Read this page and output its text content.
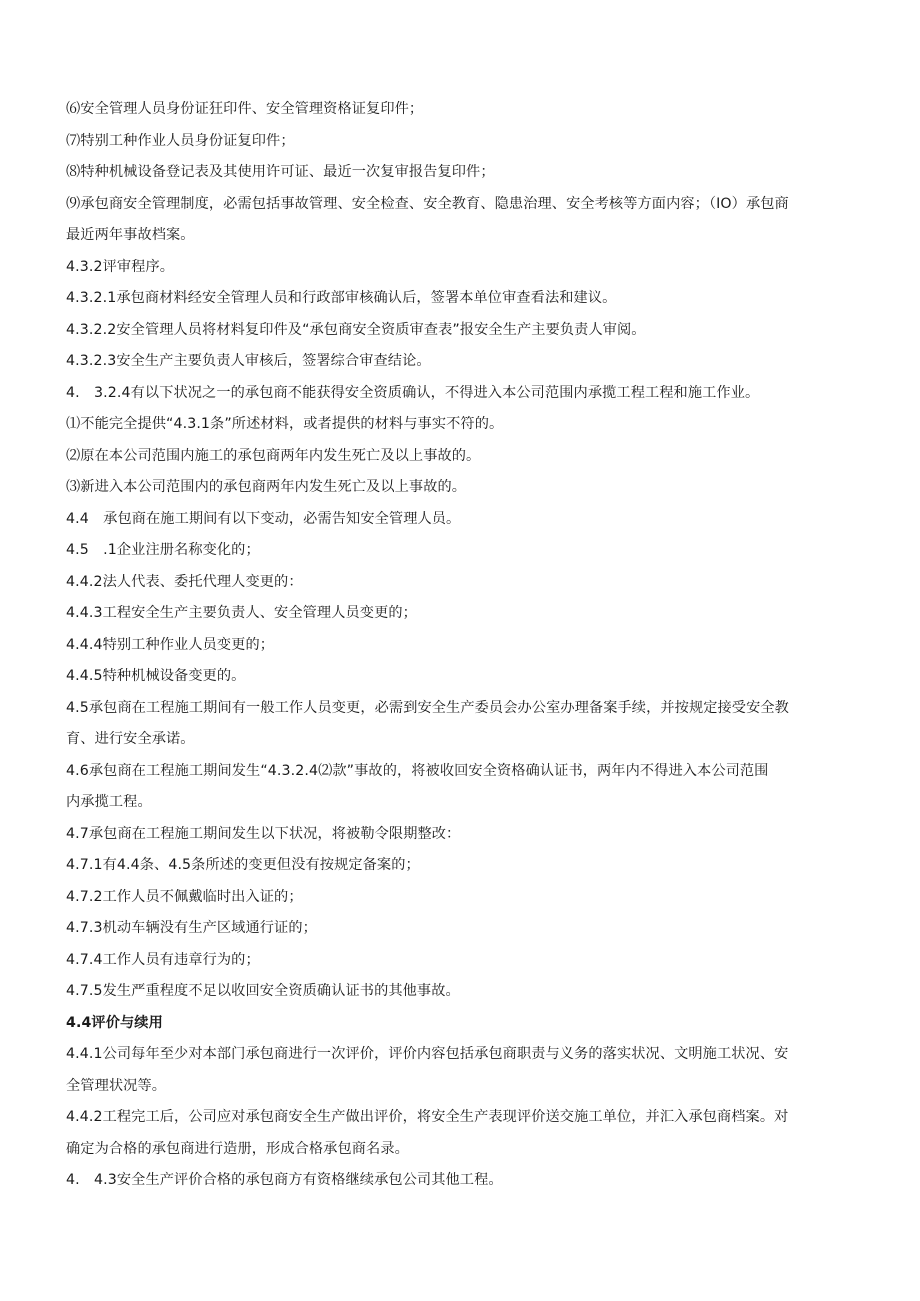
⑹安全管理人员身份证狂印件、安全管理资格证复印件；
⑺特别工种作业人员身份证复印件；
⑻特种机械设备登记表及其使用许可证、最近一次复审报告复印件；
⑼承包商安全管理制度，必需包括事故管理、安全检查、安全教育、隐患治理、安全考核等方面内容；（IO）承包商
最近两年事故档案。
4.3.2评审程序。
4.3.2.1承包商材料经安全管理人员和行政部审核确认后，签署本单位审查看法和建议。
4.3.2.2安全管理人员将材料复印件及“承包商安全资质审查表”报安全生产主要负责人审阅。
4.3.2.3安全生产主要负责人审核后，签署综合审查结论。
4.　3.2.4有以下状况之一的承包商不能获得安全资质确认，不得进入本公司范围内承揽工程工程和施工作业。
⑴不能完全提供“4.3.1条”所述材料，或者提供的材料与事实不符的。
⑵原在本公司范围内施工的承包商两年内发生死亡及以上事故的。
⑶新进入本公司范围内的承包商两年内发生死亡及以上事故的。
4.4　承包商在施工期间有以下变动，必需告知安全管理人员。
4.5　.1企业注册名称变化的；
4.4.2法人代表、委托代理人变更的：
4.4.3工程安全生产主要负责人、安全管理人员变更的；
4.4.4特别工种作业人员变更的；
4.4.5特种机械设备变更的。
4.5承包商在工程施工期间有一般工作人员变更，必需到安全生产委员会办公室办理备案手续，并按规定接受安全教
育、进行安全承诺。
4.6承包商在工程施工期间发生“4.3.2.4⑵款”事故的，将被收回安全资格确认证书，两年内不得进入本公司范围
内承揽工程。
4.7承包商在工程施工期间发生以下状况，将被勒令限期整改：
4.7.1有4.4条、4.5条所述的变更但没有按规定备案的；
4.7.2工作人员不佩戴临时出入证的；
4.7.3机动车辆没有生产区域通行证的；
4.7.4工作人员有违章行为的；
4.7.5发生严重程度不足以收回安全资质确认证书的其他事故。
4.4评价与续用
4.4.1公司每年至少对本部门承包商进行一次评价，评价内容包括承包商职责与义务的落实状况、文明施工状况、安
全管理状况等。
4.4.2工程完工后，公司应对承包商安全生产做出评价，将安全生产表现评价送交施工单位，并汇入承包商档案。对
确定为合格的承包商进行造册，形成合格承包商名录。
4.　4.3安全生产评价合格的承包商方有资格继续承包公司其他工程。
